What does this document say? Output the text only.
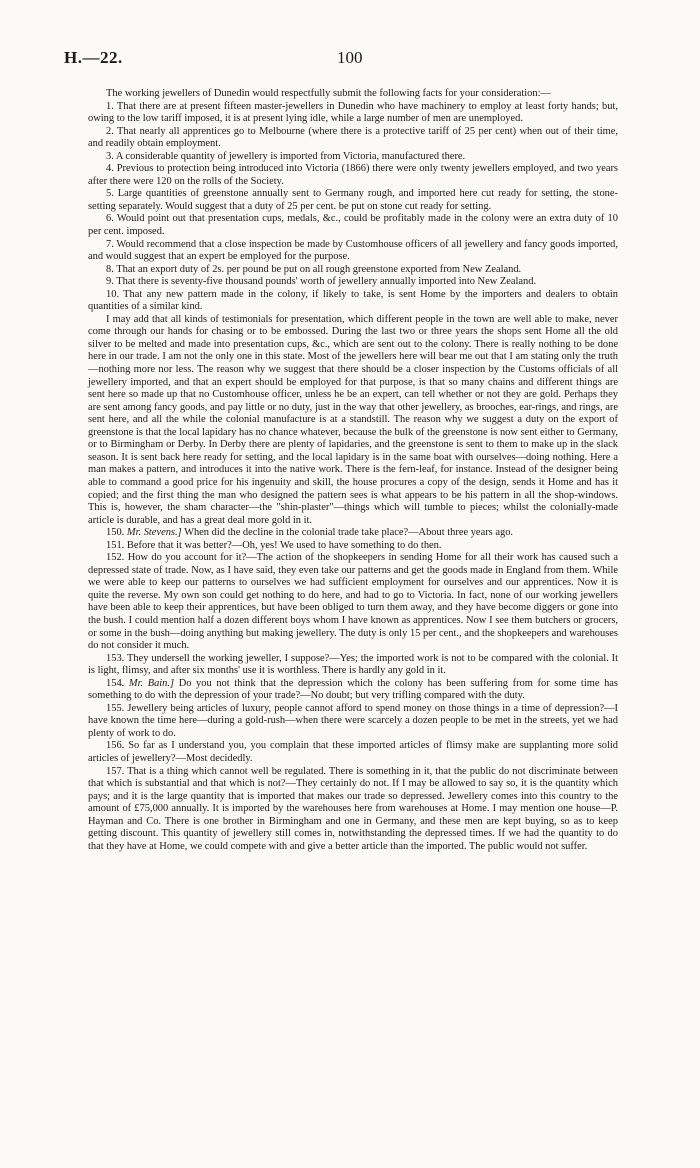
H.—22.	100

The working jewellers of Dunedin would respectfully submit the following facts for your consideration:—

1. That there are at present fifteen master-jewellers in Dunedin who have machinery to employ at least forty hands; but, owing to the low tariff imposed, it is at present lying idle, while a large number of men are unemployed.

2. That nearly all apprentices go to Melbourne (where there is a protective tariff of 25 per cent) when out of their time, and readily obtain employment.

3. A considerable quantity of jewellery is imported from Victoria, manufactured there.

4. Previous to protection being introduced into Victoria (1866) there were only twenty jewellers employed, and two years after there were 120 on the rolls of the Society.

5. Large quantities of greenstone annually sent to Germany rough, and imported here cut ready for setting, the stone-setting separately. Would suggest that a duty of 25 per cent. be put on stone cut ready for setting.

6. Would point out that presentation cups, medals, &c., could be profitably made in the colony were an extra duty of 10 per cent. imposed.

7. Would recommend that a close inspection be made by Customhouse officers of all jewellery and fancy goods imported, and would suggest that an expert be employed for the purpose.

8. That an export duty of 2s. per pound be put on all rough greenstone exported from New Zealand.

9. That there is seventy-five thousand pounds' worth of jewellery annually imported into New Zealand.

10. That any new pattern made in the colony, if likely to take, is sent Home by the importers and dealers to obtain quantities of a similar kind.

I may add that all kinds of testimonials for presentation, which different people in the town are well able to make, never come through our hands for chasing or to be embossed. During the last two or three years the shops sent Home all the old silver to be melted and made into presentation cups, &c., which are sent out to the colony. There is really nothing to be done here in our trade. I am not the only one in this state. Most of the jewellers here will bear me out that I am stating only the truth —nothing more nor less. The reason why we suggest that there should be a closer inspection by the Customs officials of all jewellery imported, and that an expert should be employed for that purpose, is that so many chains and different things are sent here so made up that no Customhouse officer, unless he be an expert, can tell whether or not they are gold. Perhaps they are sent among fancy goods, and pay little or no duty, just in the way that other jewellery, as brooches, ear-rings, and rings, are sent here, and all the while the colonial manufacture is at a standstill. The reason why we suggest a duty on the export of greenstone is that the local lapidary has no chance whatever, because the bulk of the greenstone is now sent either to Germany, or to Birmingham or Derby. In Derby there are plenty of lapidaries, and the greenstone is sent to them to make up in the slack season. It is sent back here ready for setting, and the local lapidary is in the same boat with ourselves—doing nothing. Here a man makes a pattern, and introduces it into the native work. There is the fern-leaf, for instance. Instead of the designer being able to command a good price for his ingenuity and skill, the house procures a copy of the design, sends it Home and has it copied; and the first thing the man who designed the pattern sees is what appears to be his pattern in all the shop-windows. This is, however, the sham character—the "shin-plaster"—things which will tumble to pieces; whilst the colonially-made article is durable, and has a great deal more gold in it.

150. Mr. Stevens.] When did the decline in the colonial trade take place?—About three years ago.

151. Before that it was better?—Oh, yes! We used to have something to do then.

152. How do you account for it?—The action of the shopkeepers in sending Home for all their work has caused such a depressed state of trade. Now, as I have said, they even take our patterns and get the goods made in England from them. While we were able to keep our patterns to ourselves we had sufficient employment for ourselves and our apprentices. Now it is quite the reverse. My own son could get nothing to do here, and had to go to Victoria. In fact, none of our working jewellers have been able to keep their apprentices, but have been obliged to turn them away, and they have become diggers or gone into the bush. I could mention half a dozen different boys whom I have known as apprentices. Now I see them butchers or grocers, or some in the bush—doing anything but making jewellery. The duty is only 15 per cent., and the shopkeepers and warehouses do not consider it much.

153. They undersell the working jeweller, I suppose?—Yes; the imported work is not to be compared with the colonial. It is light, flimsy, and after six months' use it is worthless. There is hardly any gold in it.

154. Mr. Bain.] Do you not think that the depression which the colony has been suffering from for some time has something to do with the depression of your trade?—No doubt; but very trifling compared with the duty.

155. Jewellery being articles of luxury, people cannot afford to spend money on those things in a time of depression?—I have known the time here—during a gold-rush—when there were scarcely a dozen people to be met in the streets, yet we had plenty of work to do.

156. So far as I understand you, you complain that these imported articles of flimsy make are supplanting more solid articles of jewellery?—Most decidedly.

157. That is a thing which cannot well be regulated. There is something in it, that the public do not discriminate between that which is substantial and that which is not?—They certainly do not. If I may be allowed to say so, it is the quantity which pays; and it is the large quantity that is imported that makes our trade so depressed. Jewellery comes into this country to the amount of £75,000 annually. It is imported by the warehouses here from warehouses at Home. I may mention one house—P. Hayman and Co. There is one brother in Birmingham and one in Germany, and these men are kept buying, so as to keep getting discount. This quantity of jewellery still comes in, notwithstanding the depressed times. If we had the quantity to do that they have at Home, we could compete with and give a better article than the imported. The public would not suffer.
